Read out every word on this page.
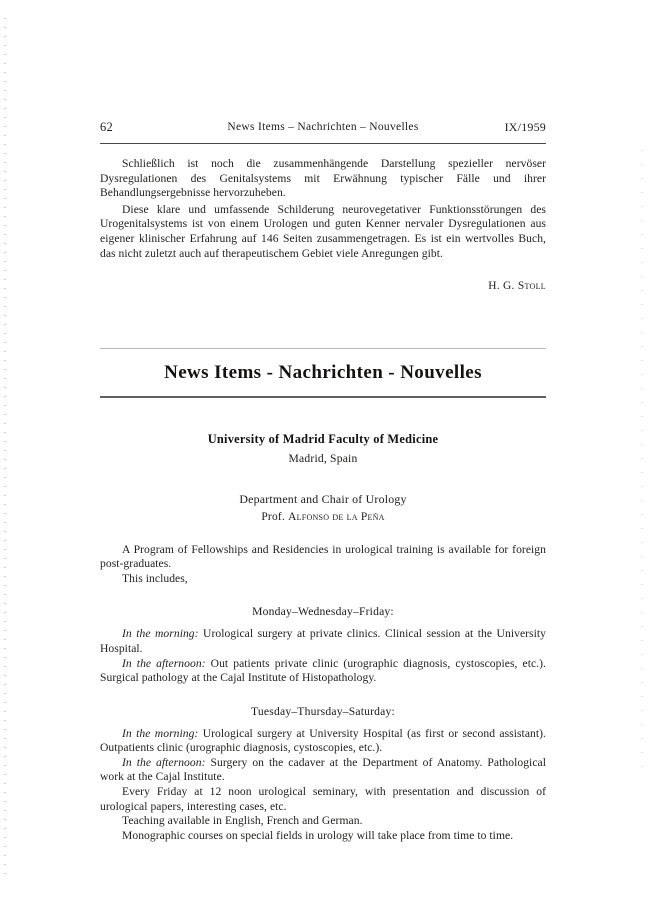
62	News Items – Nachrichten – Nouvelles	IX/1959

Schließlich ist noch die zusammenhängende Darstellung spezieller nervöser Dysregulationen des Genitalsystems mit Erwähnung typischer Fälle und ihrer Behandlungsergebnisse hervorzuheben.

Diese klare und umfassende Schilderung neurovegetativer Funktionsstörungen des Urogenitalsystems ist von einem Urologen und guten Kenner nervaler Dysregulationen aus eigener klinischer Erfahrung auf 146 Seiten zusammengetragen. Es ist ein wertvolles Buch, das nicht zuletzt auch auf therapeutischem Gebiet viele Anregungen gibt.

H. G. Stoll
News Items - Nachrichten - Nouvelles
University of Madrid Faculty of Medicine
Madrid, Spain
Department and Chair of Urology
Prof. Alfonso de la Peña

A Program of Fellowships and Residencies in urological training is available for foreign post-graduates.

This includes,

Monday–Wednesday–Friday:

In the morning: Urological surgery at private clinics. Clinical session at the University Hospital.

In the afternoon: Out patients private clinic (urographic diagnosis, cystoscopies, etc.). Surgical pathology at the Cajal Institute of Histopathology.

Tuesday–Thursday–Saturday:

In the morning: Urological surgery at University Hospital (as first or second assistant). Outpatients clinic (urographic diagnosis, cystoscopies, etc.).

In the afternoon: Surgery on the cadaver at the Department of Anatomy. Pathological work at the Cajal Institute.

Every Friday at 12 noon urological seminary, with presentation and discussion of urological papers, interesting cases, etc.

Teaching available in English, French and German.

Monographic courses on special fields in urology will take place from time to time.
